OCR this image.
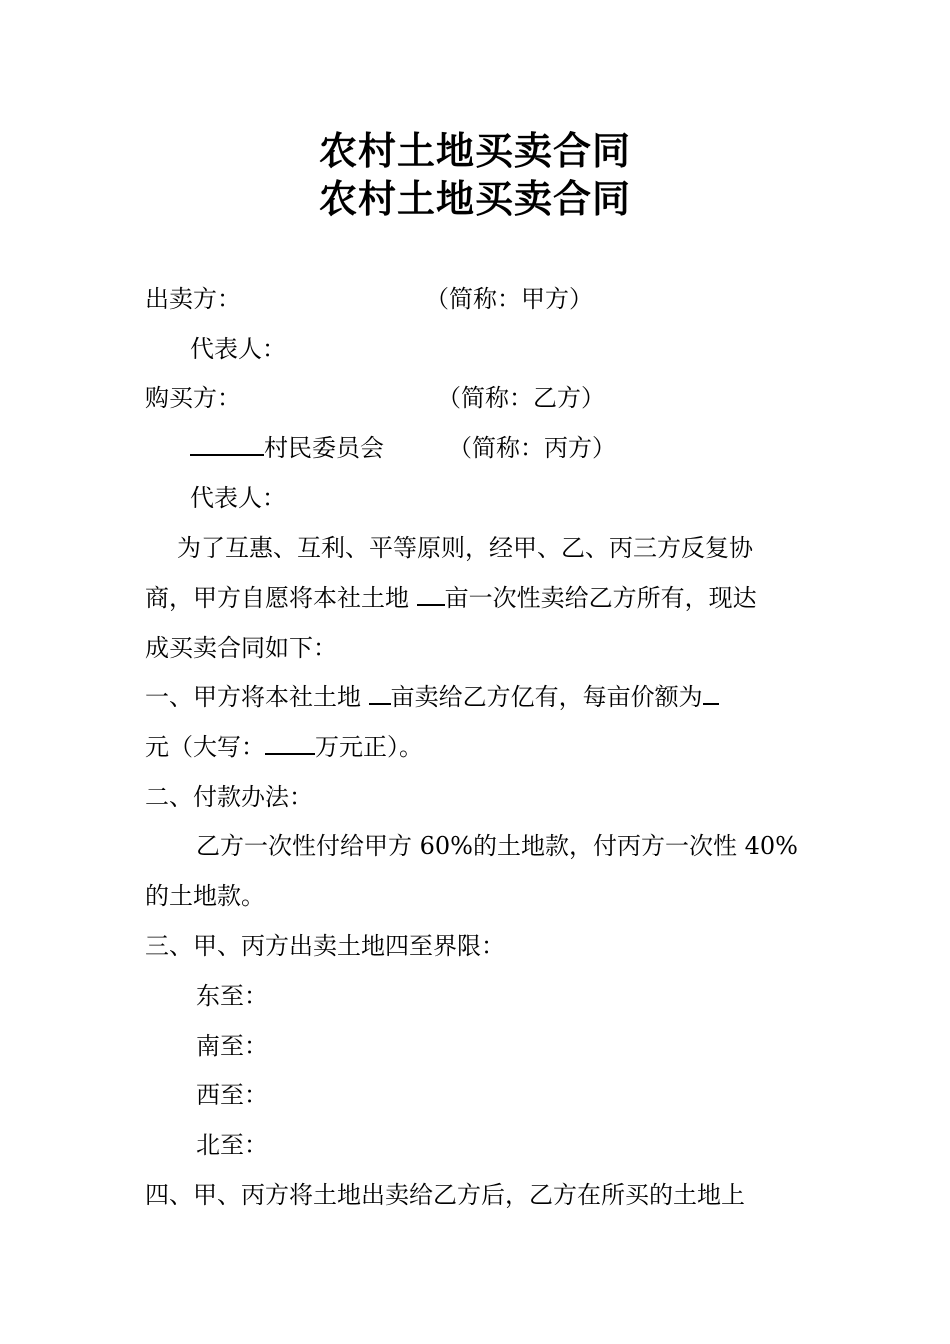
农村土地买卖合同
农村土地买卖合同
出卖方：	（简称：甲方）
代表人：
购买方：	（简称：乙方）
村民委员会	（简称：丙方）
代表人：
为了互惠、互利、平等原则，经甲、乙、丙三方反复协
商，甲方自愿将本社土地 亩一次性卖给乙方所有，现达
成买卖合同如下：
一、甲方将本社土地 亩卖给乙方亿有，每亩价额为
元（大写： 万元正）。
二、付款办法：
乙方一次性付给甲方 60%的土地款，付丙方一次性 40%
的土地款。
三、甲、丙方出卖土地四至界限：
东至：
南至：
西至：
北至：
四、甲、丙方将土地出卖给乙方后，乙方在所买的土地上
